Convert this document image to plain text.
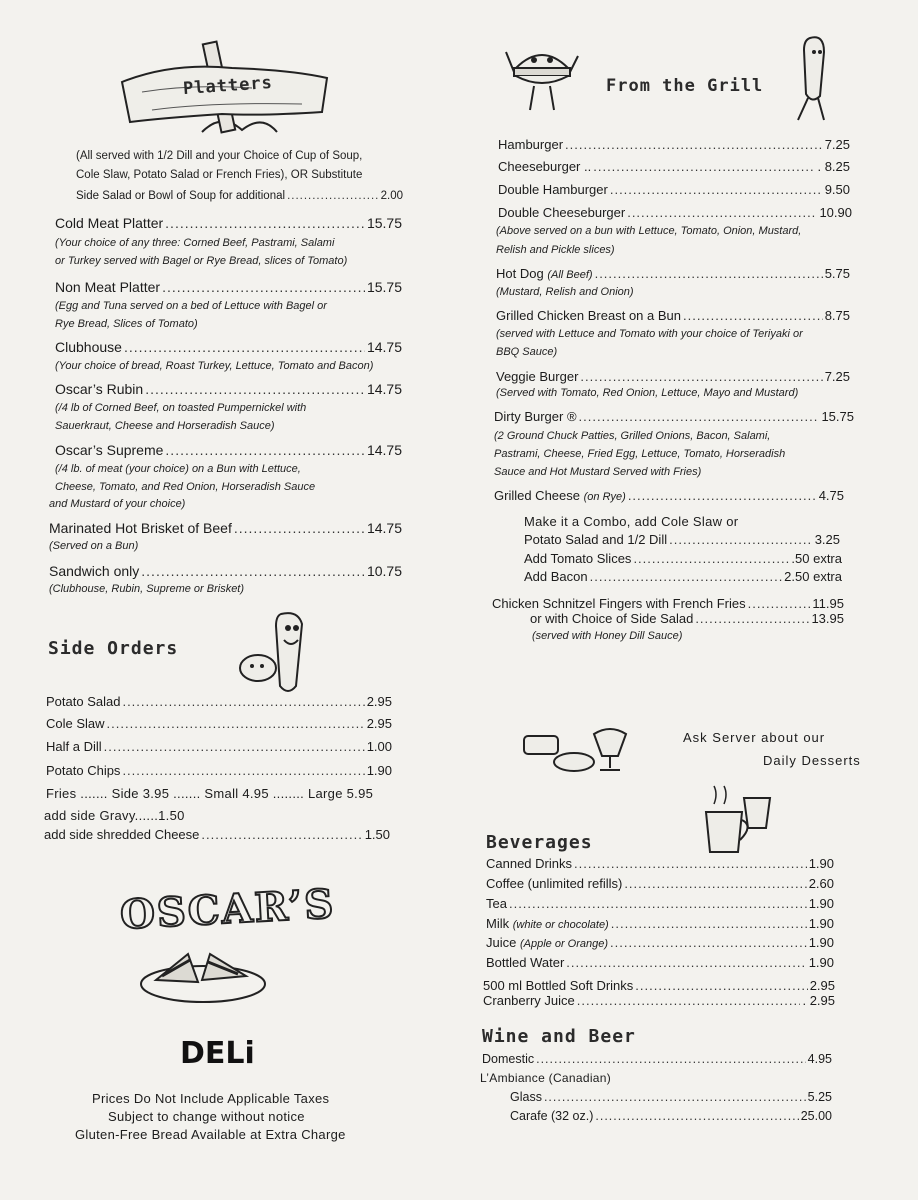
Platters
(All served with 1/2 Dill and your Choice of Cup of Soup,
Cole Slaw, Potato Salad or French Fries), OR Substitute
Side Salad or Bowl of Soup for additional .....	2.00
Cold Meat Platter .....	15.75
(Your choice of any three: Corned Beef, Pastrami, Salami
or Turkey served with Bagel or Rye Bread, slices of Tomato)
Non Meat Platter .....	15.75
(Egg and Tuna served on a bed of Lettuce with Bagel or
Rye Bread, Slices of Tomato)
Clubhouse .....	14.75
(Your choice of bread, Roast Turkey, Lettuce, Tomato and Bacon)
Oscar’s Rubin .....	14.75
(/4 lb of Corned Beef, on toasted Pumpernickel with
Sauerkraut, Cheese and Horseradish Sauce)
Oscar’s Supreme .....	14.75
(/4 lb. of meat (your choice) on a Bun with Lettuce,
Cheese, Tomato, and Red Onion, Horseradish Sauce
and Mustard of your choice)
Marinated Hot Brisket of Beef .....	14.75
(Served on a Bun)
Sandwich only .....	10.75
(Clubhouse, Rubin, Supreme or Brisket)
Side Orders
Potato Salad .....	2.95
Cole Slaw .....	2.95
Half a Dill .....	1.00
Potato Chips .....	1.90
Fries ....... Side 3.95 ....... Small 4.95 ........ Large 5.95
add side Gravy......1.50
add side shredded Cheese .....	1.50
OSCAR’S
DELi
Prices Do Not Include Applicable Taxes
Subject to change without notice
Gluten-Free Bread Available at Extra Charge
From the Grill
Hamburger .....	7.25
Cheeseburger .. .....	. 8.25
Double Hamburger .....	9.50
Double Cheeseburger .....	10.90
(Above served on a bun with Lettuce, Tomato, Onion, Mustard,
Relish and Pickle slices)
Hot Dog (All Beef) .....	5.75
(Mustard, Relish and Onion)
Grilled Chicken Breast on a Bun .....	8.75
(served with Lettuce and Tomato with your choice of Teriyaki or
BBQ Sauce)
Veggie Burger .....	7.25
(Served with Tomato, Red Onion, Lettuce, Mayo and Mustard)
Dirty Burger ® .....	15.75
(2 Ground Chuck Patties, Grilled Onions, Bacon, Salami,
Pastrami, Cheese, Fried Egg, Lettuce, Tomato, Horseradish
Sauce and Hot Mustard Served with Fries)
Grilled Cheese (on Rye) .....	4.75
Make it a Combo, add Cole Slaw or
Potato Salad and 1/2 Dill .....	3.25
Add Tomato Slices .....	.50 extra
Add Bacon .....	2.50 extra
Chicken Schnitzel Fingers with French Fries .....	11.95
or with Choice of Side Salad .....	13.95
(served with Honey Dill Sauce)
Ask Server about our
Daily Desserts
Beverages
Canned Drinks .....	1.90
Coffee (unlimited refills) .....	2.60
Tea .....	1.90
Milk (white or chocolate) .....	1.90
Juice (Apple or Orange) .....	1.90
Bottled Water .....	1.90
500 ml Bottled Soft Drinks .....	2.95
Cranberry Juice .....	. 2.95
Wine and Beer
Domestic .....	4.95
L’Ambiance (Canadian)
Glass .....	5.25
Carafe (32 oz.) .....	25.00
